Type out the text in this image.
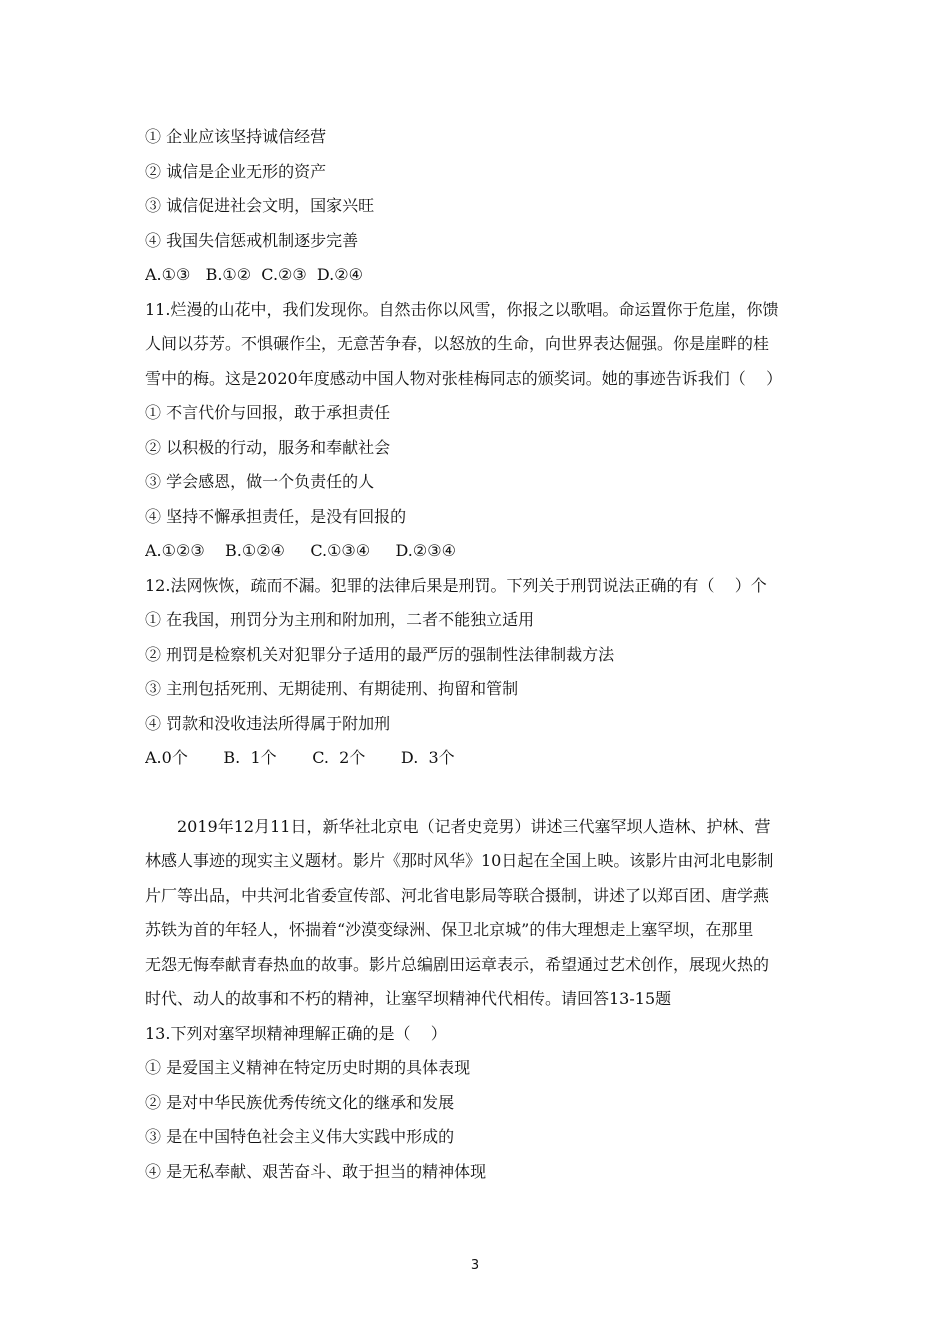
① 企业应该坚持诚信经营
② 诚信是企业无形的资产
③ 诚信促进社会文明，国家兴旺
④ 我国失信惩戒机制逐步完善
A.①③   B.①②  C.②③  D.②④
11.烂漫的山花中，我们发现你。自然击你以风雪，你报之以歌唱。命运置你于危崖，你馈
人间以芬芳。不惧碾作尘，无意苦争春，以怒放的生命，向世界表达倔强。你是崖畔的桂
雪中的梅。这是2020年度感动中国人物对张桂梅同志的颁奖词。她的事迹告诉我们（    ）
① 不言代价与回报，敢于承担责任
② 以积极的行动，服务和奉献社会
③ 学会感恩，做一个负责任的人
④ 坚持不懈承担责任，是没有回报的
A.①②③    B.①②④     C.①③④     D.②③④
12.法网恢恢，疏而不漏。犯罪的法律后果是刑罚。下列关于刑罚说法正确的有（    ）个
① 在我国，刑罚分为主刑和附加刑，二者不能独立适用
② 刑罚是检察机关对犯罪分子适用的最严厉的强制性法律制裁方法
③ 主刑包括死刑、无期徒刑、有期徒刑、拘留和管制
④ 罚款和没收违法所得属于附加刑
A.0个       B.  1个       C.  2个       D.  3个
2019年12月11日，新华社北京电（记者史竞男）讲述三代塞罕坝人造林、护林、营
林感人事迹的现实主义题材。影片《那时风华》10日起在全国上映。该影片由河北电影制
片厂等出品，中共河北省委宣传部、河北省电影局等联合摄制，讲述了以郑百团、唐学燕
苏铁为首的年轻人，怀揣着“沙漠变绿洲、保卫北京城”的伟大理想走上塞罕坝，在那里
无怨无悔奉献青春热血的故事。影片总编剧田运章表示，希望通过艺术创作，展现火热的
时代、动人的故事和不朽的精神，让塞罕坝精神代代相传。请回答13-15题
13.下列对塞罕坝精神理解正确的是（    ）
① 是爱国主义精神在特定历史时期的具体表现
② 是对中华民族优秀传统文化的继承和发展
③ 是在中国特色社会主义伟大实践中形成的
④ 是无私奉献、艰苦奋斗、敢于担当的精神体现
3
